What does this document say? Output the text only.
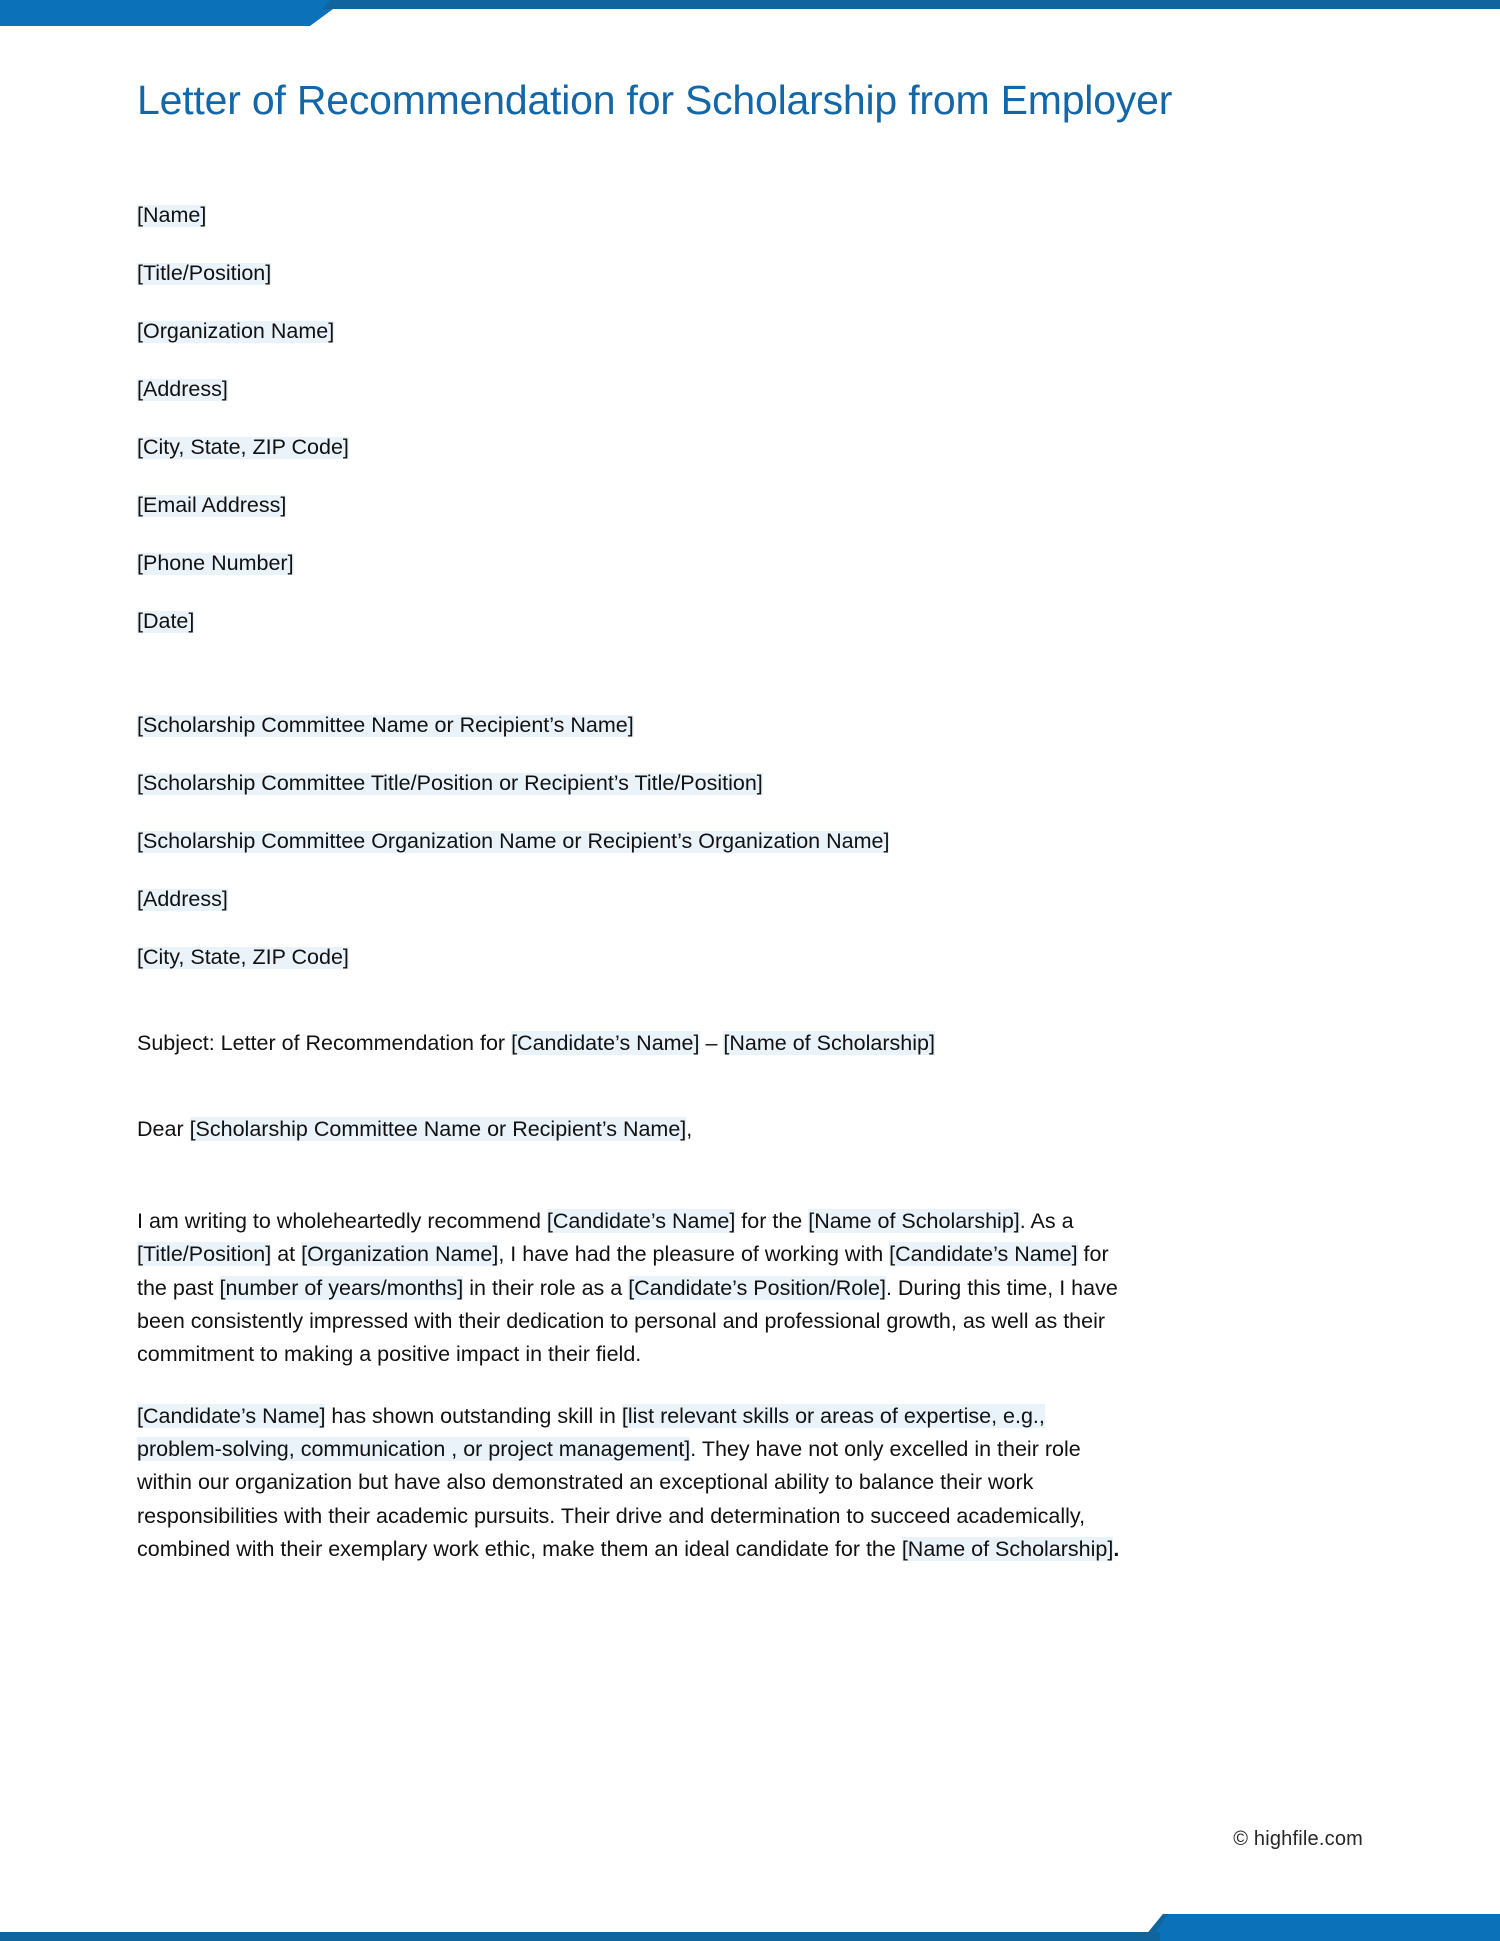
Letter of Recommendation for Scholarship from Employer
[Name]
[Title/Position]
[Organization Name]
[Address]
[City, State, ZIP Code]
[Email Address]
[Phone Number]
[Date]
[Scholarship Committee Name or Recipient’s Name]
[Scholarship Committee Title/Position or Recipient’s Title/Position]
[Scholarship Committee Organization Name or Recipient’s Organization Name]
[Address]
[City, State, ZIP Code]
Subject: Letter of Recommendation for [Candidate’s Name] – [Name of Scholarship]
Dear [Scholarship Committee Name or Recipient’s Name],

I am writing to wholeheartedly recommend [Candidate’s Name] for the [Name of Scholarship]. As a [Title/Position] at [Organization Name], I have had the pleasure of working with [Candidate’s Name] for the past [number of years/months] in their role as a [Candidate’s Position/Role]. During this time, I have been consistently impressed with their dedication to personal and professional growth, as well as their commitment to making a positive impact in their field.

[Candidate’s Name] has shown outstanding skill in [list relevant skills or areas of expertise, e.g., problem-solving, communication , or project management]. They have not only excelled in their role within our organization but have also demonstrated an exceptional ability to balance their work responsibilities with their academic pursuits. Their drive and determination to succeed academically, combined with their exemplary work ethic, make them an ideal candidate for the [Name of Scholarship].

© highfile.com
